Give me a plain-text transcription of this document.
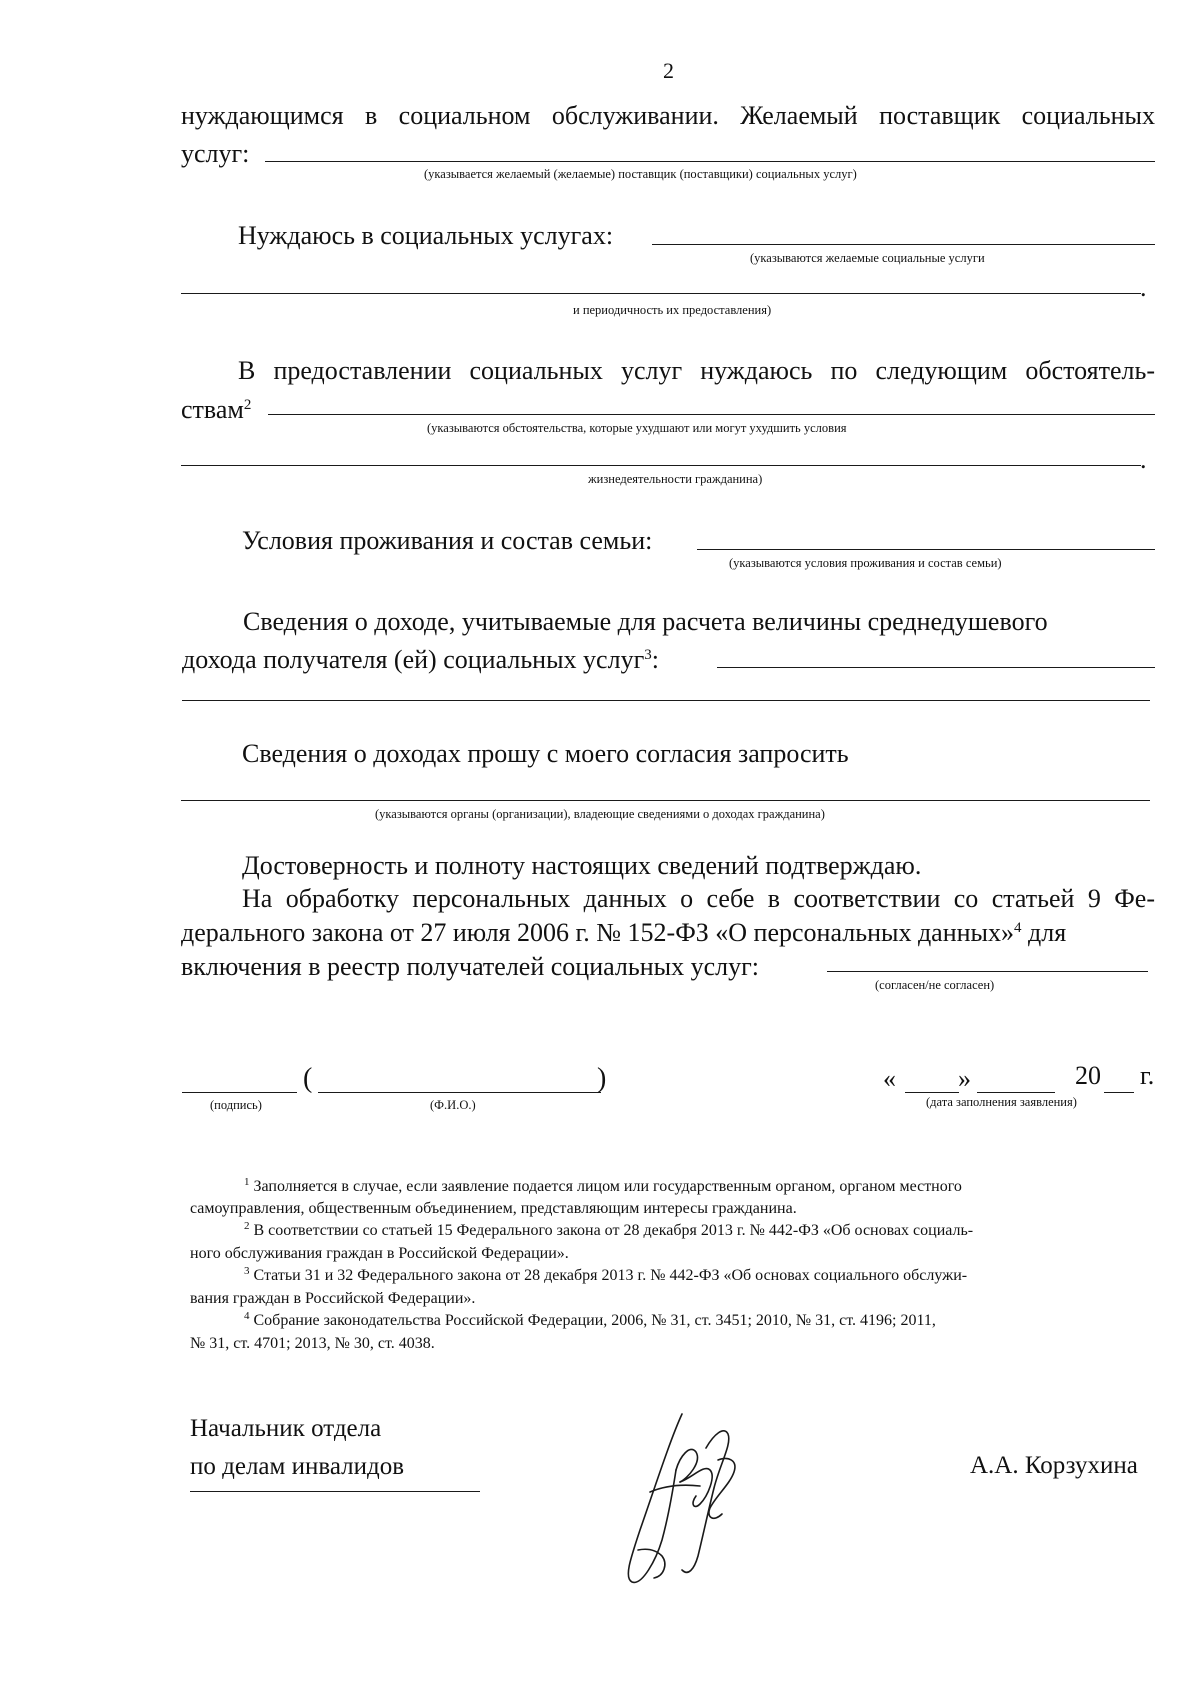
2
нуждающимся в социальном обслуживании. Желаемый поставщик социальных
услуг:
(указывается желаемый (желаемые) поставщик (поставщики) социальных услуг)
Нуждаюсь в социальных услугах:
(указываются желаемые социальные услуги
.
и периодичность их предоставления)
В предоставлении социальных услуг нуждаюсь по следующим обстоятель-
ствам$^2$
(указываются обстоятельства, которые ухудшают или могут ухудшить условия
.
жизнедеятельности гражданина)
Условия проживания и состав семьи:
(указываются условия проживания и состав семьи)
Сведения о доходе, учитываемые для расчета величины среднедушевого
дохода получателя (ей) социальных услуг$^3$:
Сведения о доходах прошу с моего согласия запросить
(указываются органы (организации), владеющие сведениями о доходах гражданина)
Достоверность и полноту настоящих сведений подтверждаю.
На обработку персональных данных о себе в соответствии со статьей 9 Фе-
дерального закона от 27 июля 2006 г. № 152-ФЗ «О персональных данных»$^4$ для
включения в реестр получателей социальных услуг:
(согласен/не согласен)
(подпись)
(	)
(Ф.И.О.)
« »	20 г.
(дата заполнения заявления)
$^1$ Заполняется в случае, если заявление подается лицом или государственным органом, органом местного
самоуправления, общественным объединением, представляющим интересы гражданина.
$^2$ В соответствии со статьей 15 Федерального закона от 28 декабря 2013 г. № 442-ФЗ «Об основах социаль-
ного обслуживания граждан в Российской Федерации».
$^3$ Статьи 31 и 32 Федерального закона от 28 декабря 2013 г. № 442-ФЗ «Об основах социального обслужи-
вания граждан в Российской Федерации».
$^4$ Собрание законодательства Российской Федерации, 2006, № 31, ст. 3451; 2010, № 31, ст. 4196; 2011,
№ 31, ст. 4701; 2013, № 30, ст. 4038.
Начальник отдела
по делам инвалидов	А.А. Корзухина
